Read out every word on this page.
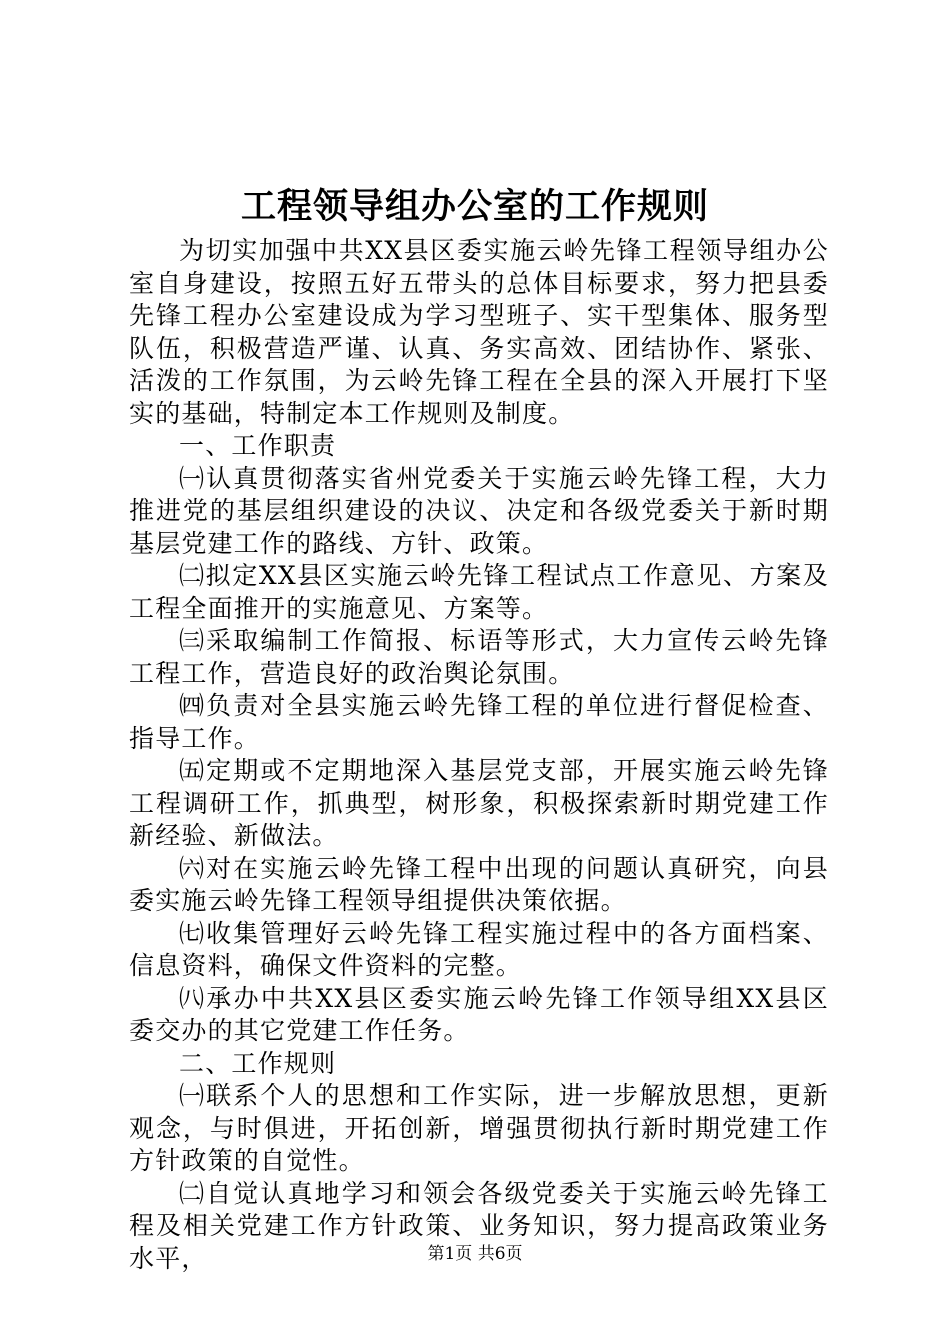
工程领导组办公室的工作规则

为切实加强中共XX县区委实施云岭先锋工程领导组办公室自身建设，按照五好五带头的总体目标要求，努力把县委先锋工程办公室建设成为学习型班子、实干型集体、服务型队伍，积极营造严谨、认真、务实高效、团结协作、紧张、活泼的工作氛围，为云岭先锋工程在全县的深入开展打下坚实的基础，特制定本工作规则及制度。

一、工作职责

㈠认真贯彻落实省州党委关于实施云岭先锋工程，大力推进党的基层组织建设的决议、决定和各级党委关于新时期基层党建工作的路线、方针、政策。

㈡拟定XX县区实施云岭先锋工程试点工作意见、方案及工程全面推开的实施意见、方案等。

㈢采取编制工作简报、标语等形式，大力宣传云岭先锋工程工作，营造良好的政治舆论氛围。

㈣负责对全县实施云岭先锋工程的单位进行督促检查、指导工作。

㈤定期或不定期地深入基层党支部，开展实施云岭先锋工程调研工作，抓典型，树形象，积极探索新时期党建工作新经验、新做法。

㈥对在实施云岭先锋工程中出现的问题认真研究，向县委实施云岭先锋工程领导组提供决策依据。

㈦收集管理好云岭先锋工程实施过程中的各方面档案、信息资料，确保文件资料的完整。

㈧承办中共XX县区委实施云岭先锋工作领导组XX县区委交办的其它党建工作任务。

二、工作规则

㈠联系个人的思想和工作实际，进一步解放思想，更新观念，与时俱进，开拓创新，增强贯彻执行新时期党建工作方针政策的自觉性。

㈡自觉认真地学习和领会各级党委关于实施云岭先锋工程及相关党建工作方针政策、业务知识，努力提高政策业务水平，	第1页 共6页
